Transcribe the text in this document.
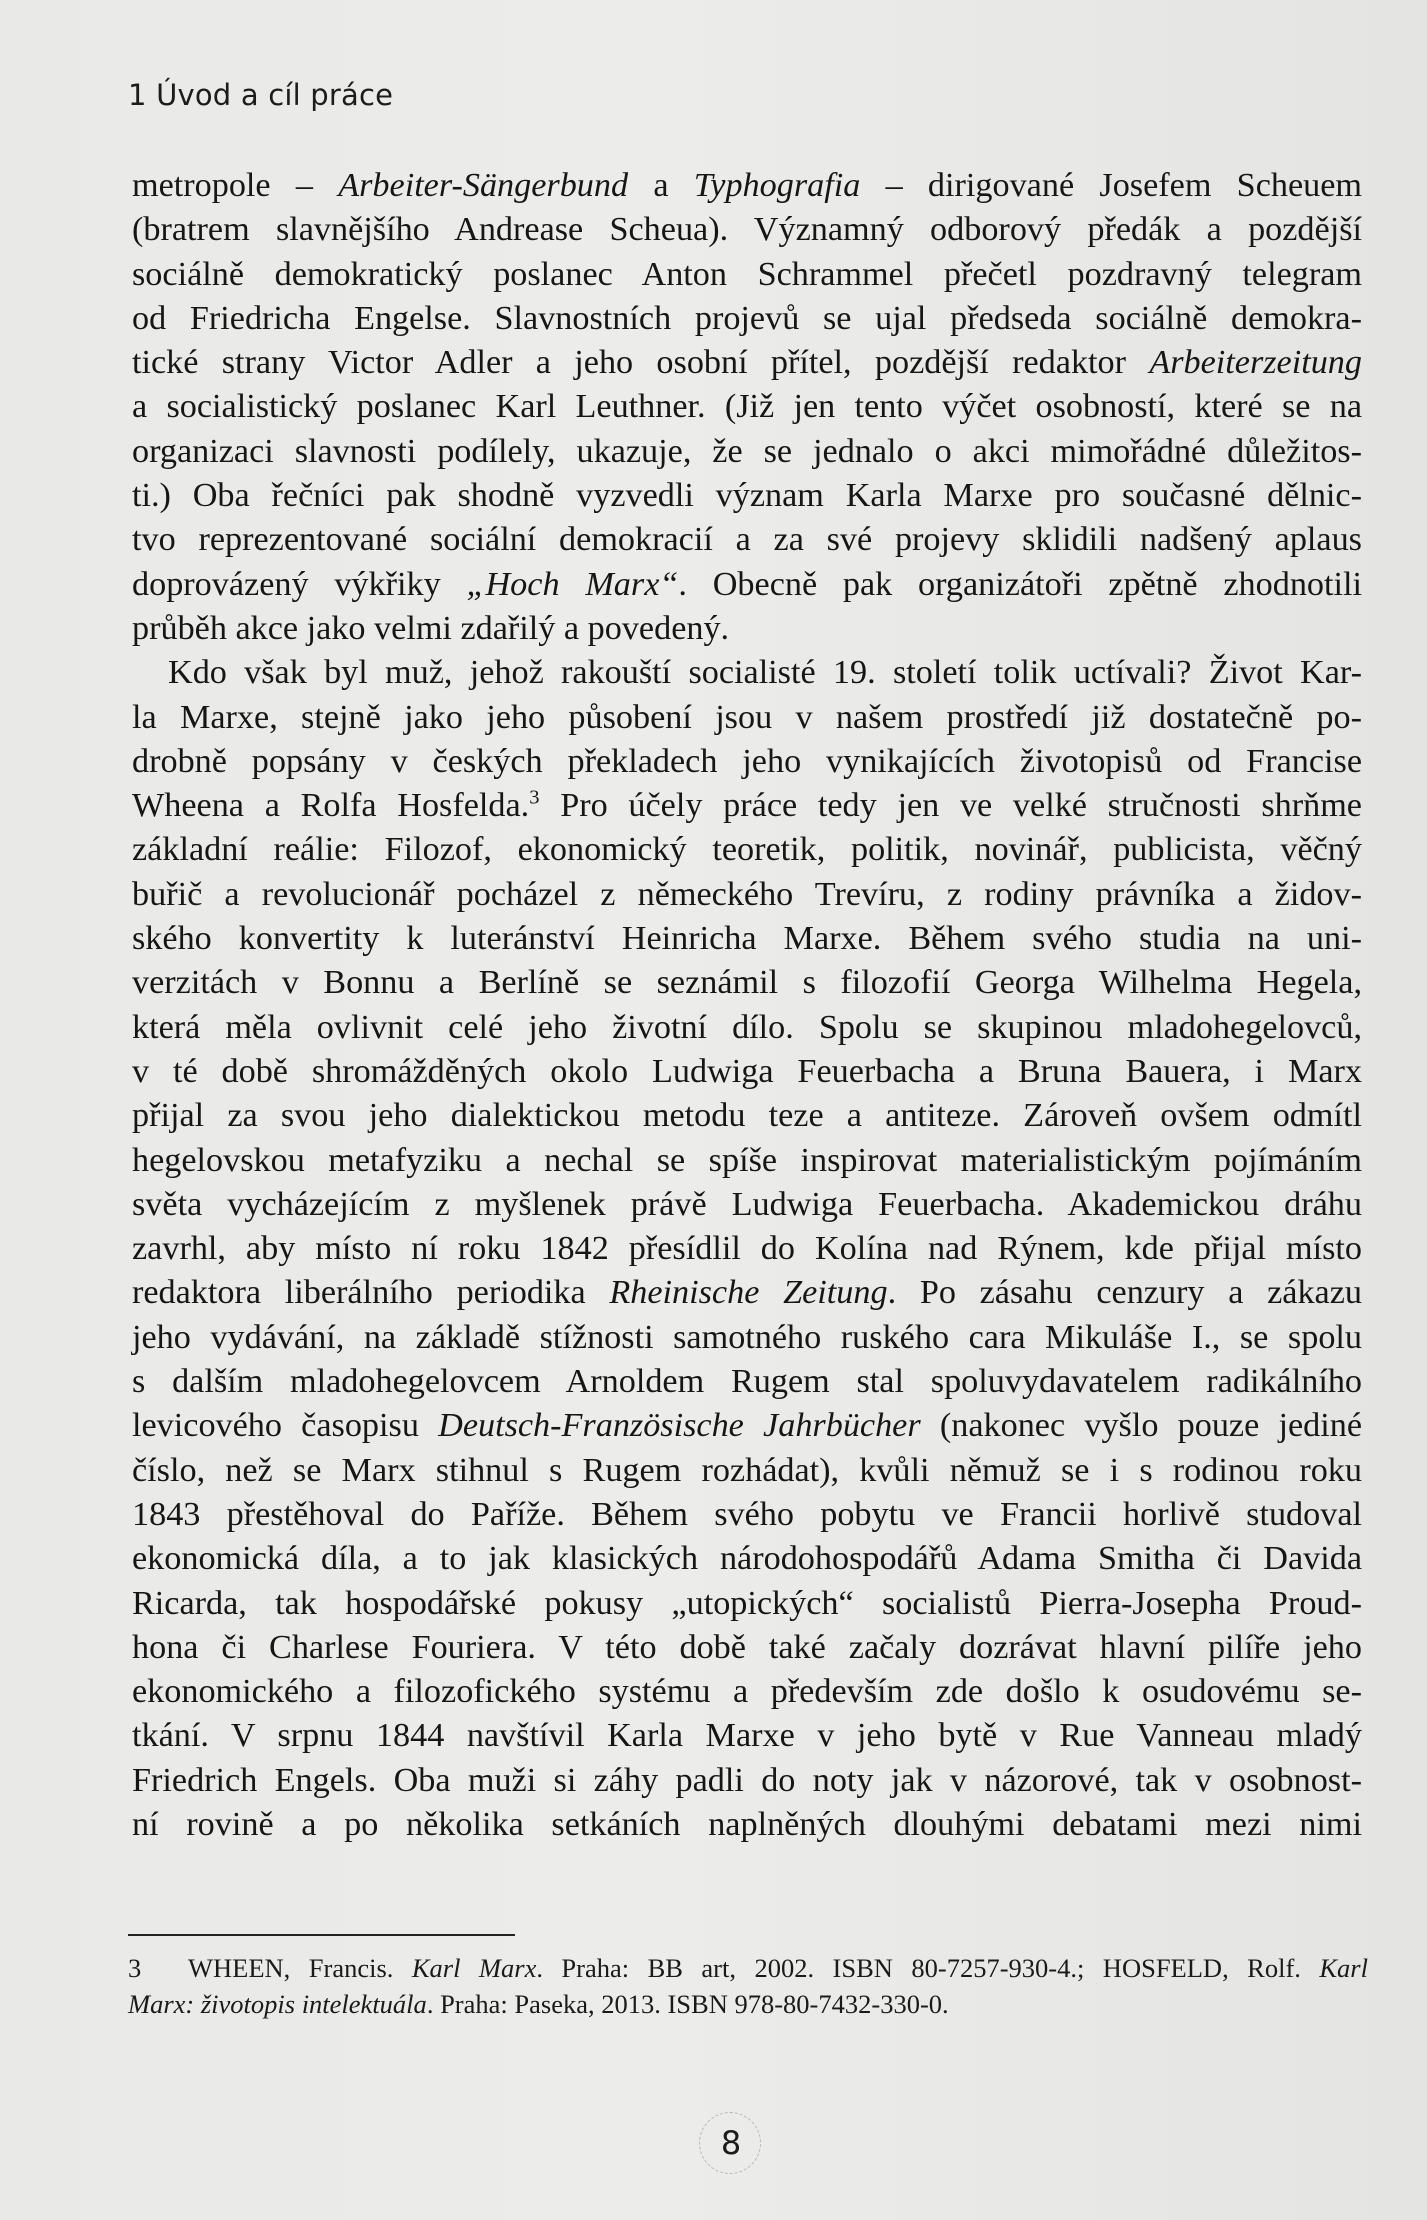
1 Úvod a cíl práce
metropole – Arbeiter-Sängerbund a Typhografia – dirigované Josefem Scheuem
(bratrem slavnějšího Andrease Scheua). Významný odborový předák a pozdější
sociálně demokratický poslanec Anton Schrammel přečetl pozdravný telegram
od Friedricha Engelse. Slavnostních projevů se ujal předseda sociálně demokra-
tické strany Victor Adler a jeho osobní přítel, pozdější redaktor Arbeiterzeitung
a socialistický poslanec Karl Leuthner. (Již jen tento výčet osobností, které se na
organizaci slavnosti podílely, ukazuje, že se jednalo o akci mimořádné důležitos-
ti.) Oba řečníci pak shodně vyzvedli význam Karla Marxe pro současné dělnic-
tvo reprezentované sociální demokracií a za své projevy sklidili nadšený aplaus
doprovázený výkřiky „Hoch Marx“. Obecně pak organizátoři zpětně zhodnotili
průběh akce jako velmi zdařilý a povedený.
Kdo však byl muž, jehož rakouští socialisté 19. století tolik uctívali? Život Kar-
la Marxe, stejně jako jeho působení jsou v našem prostředí již dostatečně po-
drobně popsány v českých překladech jeho vynikajících životopisů od Francise
Wheena a Rolfa Hosfelda.$^3$ Pro účely práce tedy jen ve velké stručnosti shrňme
základní reálie: Filozof, ekonomický teoretik, politik, novinář, publicista, věčný
buřič a revolucionář pocházel z německého Trevíru, z rodiny právníka a židov-
ského konvertity k luteránství Heinricha Marxe. Během svého studia na uni-
verzitách v Bonnu a Berlíně se seznámil s filozofií Georga Wilhelma Hegela,
která měla ovlivnit celé jeho životní dílo. Spolu se skupinou mladohegelovců,
v té době shromážděných okolo Ludwiga Feuerbacha a Bruna Bauera, i Marx
přijal za svou jeho dialektickou metodu teze a antiteze. Zároveň ovšem odmítl
hegelovskou metafyziku a nechal se spíše inspirovat materialistickým pojímáním
světa vycházejícím z myšlenek právě Ludwiga Feuerbacha. Akademickou dráhu
zavrhl, aby místo ní roku 1842 přesídlil do Kolína nad Rýnem, kde přijal místo
redaktora liberálního periodika Rheinische Zeitung. Po zásahu cenzury a zákazu
jeho vydávání, na základě stížnosti samotného ruského cara Mikuláše I., se spolu
s dalším mladohegelovcem Arnoldem Rugem stal spoluvydavatelem radikálního
levicového časopisu Deutsch-Französische Jahrbücher (nakonec vyšlo pouze jediné
číslo, než se Marx stihnul s Rugem rozhádat), kvůli němuž se i s rodinou roku
1843 přestěhoval do Paříže. Během svého pobytu ve Francii horlivě studoval
ekonomická díla, a to jak klasických národohospodářů Adama Smitha či Davida
Ricarda, tak hospodářské pokusy „utopických“ socialistů Pierra-Josepha Proud-
hona či Charlese Fouriera. V této době také začaly dozrávat hlavní pilíře jeho
ekonomického a filozofického systému a především zde došlo k osudovému se-
tkání. V srpnu 1844 navštívil Karla Marxe v jeho bytě v Rue Vanneau mladý
Friedrich Engels. Oba muži si záhy padli do noty jak v názorové, tak v osobnost-
ní rovině a po několika setkáních naplněných dlouhými debatami mezi nimi
3 WHEEN, Francis. Karl Marx. Praha: BB art, 2002. ISBN 80-7257-930-4.; HOSFELD, Rolf. Karl
Marx: životopis intelektuála. Praha: Paseka, 2013. ISBN 978-80-7432-330-0.
8
